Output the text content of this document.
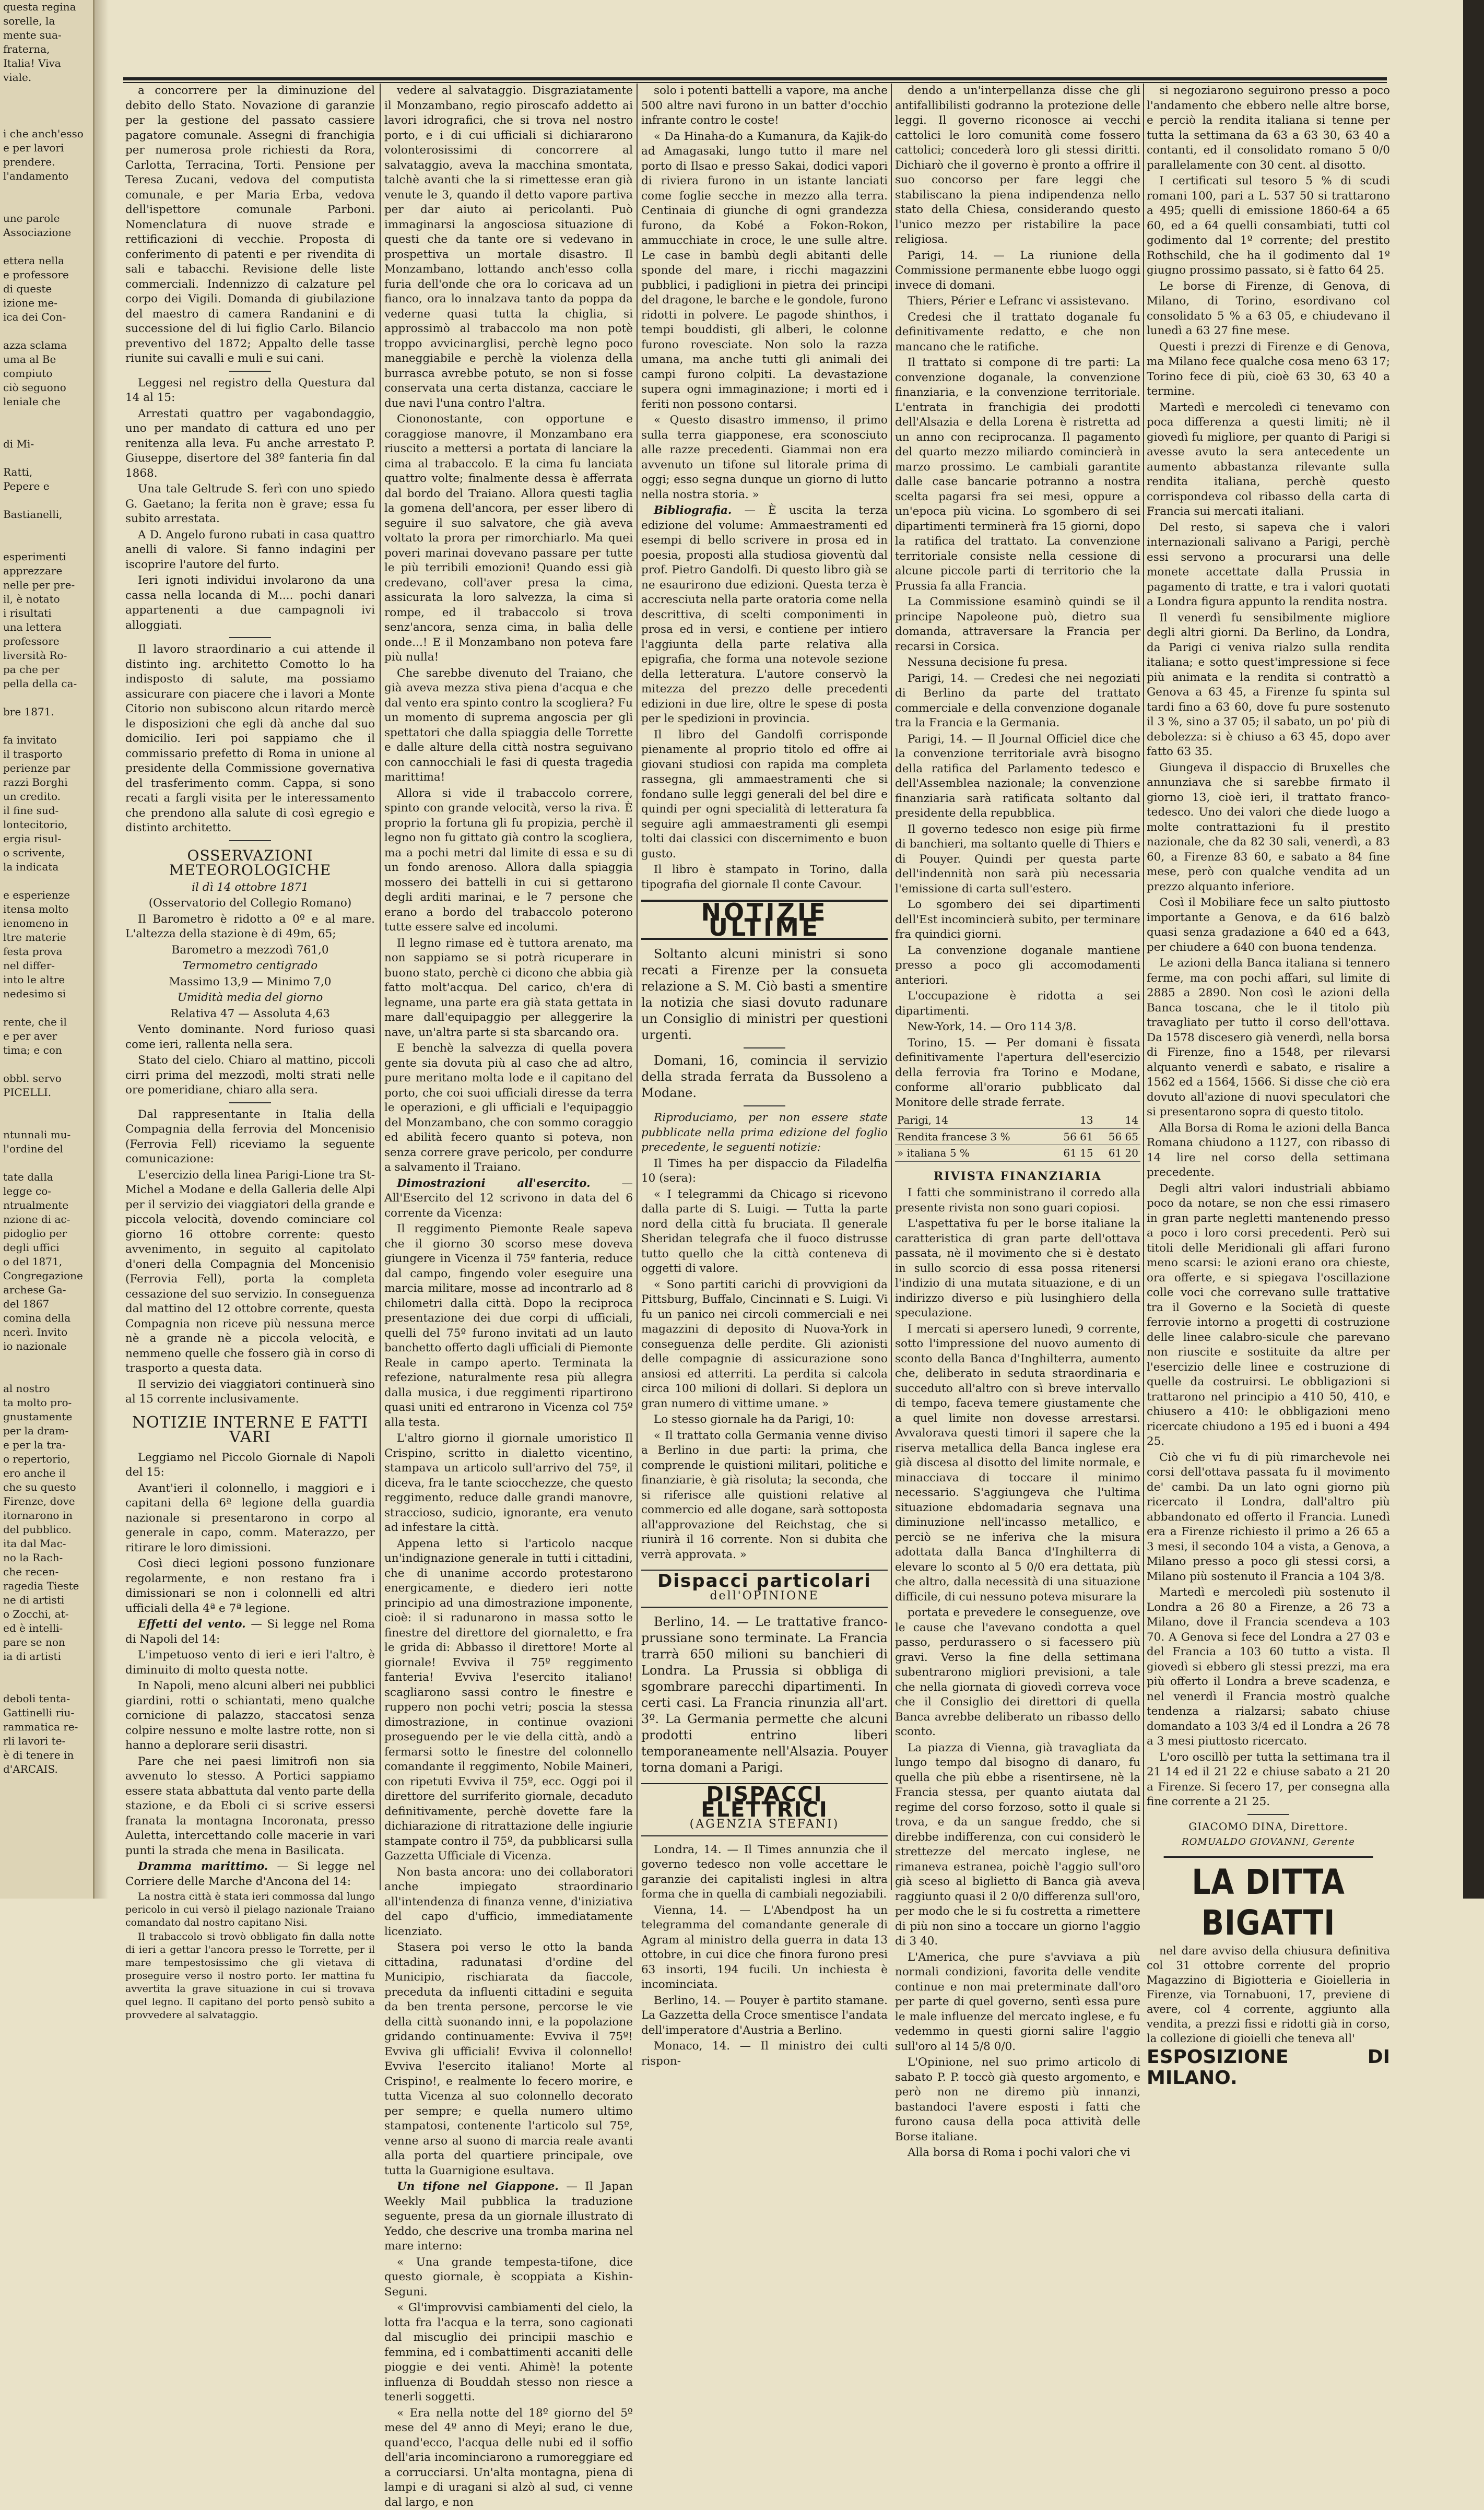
questa regina

sorelle, la

mente sua-

fraterna,

Italia! Viva

viale.

i che anch'esso

e per lavori

prendere.

l'andamento

une parole

Associazione

ettera nella

e professore

di queste

izione me-

ica dei Con-

azza sclama

uma al Be

compiuto

ciò seguono

leniale che

di Mi-

Ratti,

Pepere e

Bastianelli,

esperimenti

apprezzare

nelle per pre-

il, è notato

i risultati

una lettera

professore

liversità Ro-

pa che per

pella della ca-

bre 1871.

fa invitato

il trasporto

perienze par

razzi Borghi

un credito.

il fine sud-

lontecitorio,

ergia risul-

o scrivente,

la indicata

e esperienze

itensa molto

ienomeno in

ltre materie

festa prova

nel differ-

into le altre

nedesimo si

rente, che il

e per aver

tima; e con

obbl. servo

PICELLI.

ntunnali mu-

l'ordine del

tate dalla

legge co-

ntrualmente

nzione di ac-

pidoglio per

degli uffici

o del 1871,

Congregazione

archese Ga-

del 1867

comina della

ncerì. Invito

io nazionale

al nostro

ta molto pro-

gnustamente

per la dram-

e per la tra-

o repertorio,

ero anche il

che su questo

Firenze, dove

itornarono in

del pubblico.

ita dal Mac-

no la Rach-

che recen-

ragedia Tieste

ne di artisti

o Zocchi, at-

ed è intelli-

pare se non

ia di artisti

deboli tenta-

Gattinelli riu-

rammatica re-

rli lavori te-

è di tenere in

d'ARCAIS.

a concorrere per la diminuzione del debito dello Stato. Novazione di garanzie per la gestione del passato cassiere pagatore comunale. Assegni di franchigia per numerosa prole richiesti da Rora, Carlotta, Terracina, Torti. Pensione per Teresa Zucani, vedova del computista comunale, e per Maria Erba, vedova dell'ispettore comunale Parboni. Nomenclatura di nuove strade e rettificazioni di vecchie. Proposta di conferimento di patenti e per rivendita di sali e tabacchi. Revisione delle liste commerciali. Indennizzo di calzature pel corpo dei Vigili. Domanda di giubilazione del maestro di camera Randanini e di successione del di lui figlio Carlo. Bilancio preventivo del 1872; Appalto delle tasse riunite sui cavalli e muli e sui cani.

Leggesi nel registro della Questura dal 14 al 15:

Arrestati quattro per vagabondaggio, uno per mandato di cattura ed uno per renitenza alla leva. Fu anche arrestato P. Giuseppe, disertore del 38º fanteria fin dal 1868.

Una tale Geltrude S. ferì con uno spiedo G. Gaetano; la ferita non è grave; essa fu subito arrestata.

A D. Angelo furono rubati in casa quattro anelli di valore. Si fanno indagini per iscoprire l'autore del furto.

Ieri ignoti individui involarono da una cassa nella locanda di M.... pochi danari appartenenti a due campagnoli ivi alloggiati.

Il lavoro straordinario a cui attende il distinto ing. architetto Comotto lo ha indisposto di salute, ma possiamo assicurare con piacere che i lavori a Monte Citorio non subiscono alcun ritardo mercè le disposizioni che egli dà anche dal suo domicilio. Ieri poi sappiamo che il commissario prefetto di Roma in unione al presidente della Commissione governativa del trasferimento comm. Cappa, si sono recati a fargli visita per le interessamento che prendono alla salute di così egregio e distinto architetto.

OSSERVAZIONI METEOROLOGICHE

il dì 14 ottobre 1871

(Osservatorio del Collegio Romano)

Il Barometro è ridotto a 0º e al mare. L'altezza della stazione è di 49m, 65;

Barometro a mezzodì 761,0

Termometro centigrado

Massimo 13,9 — Minimo 7,0

Umidità media del giorno

Relativa 47 — Assoluta 4,63

Vento dominante. Nord furioso quasi come ieri, rallenta nella sera.

Stato del cielo. Chiaro al mattino, piccoli cirri prima del mezzodì, molti strati nelle ore pomeridiane, chiaro alla sera.

Dal rappresentante in Italia della Compagnia della ferrovia del Moncenisio (Ferrovia Fell) riceviamo la seguente comunicazione:

L'esercizio della linea Parigi-Lione tra St-Michel a Modane e della Galleria delle Alpi per il servizio dei viaggiatori della grande e piccola velocità, dovendo cominciare col giorno 16 ottobre corrente: questo avvenimento, in seguito al capitolato d'oneri della Compagnia del Moncenisio (Ferrovia Fell), porta la completa cessazione del suo servizio. In conseguenza dal mattino del 12 ottobre corrente, questa Compagnia non riceve più nessuna merce nè a grande nè a piccola velocità, e nemmeno quelle che fossero già in corso di trasporto a questa data.

Il servizio dei viaggiatori continuerà sino al 15 corrente inclusivamente.

NOTIZIE INTERNE E FATTI VARI

Leggiamo nel Piccolo Giornale di Napoli del 15:

Avant'ieri il colonnello, i maggiori e i capitani della 6ª legione della guardia nazionale si presentarono in corpo al generale in capo, comm. Materazzo, per ritirare le loro dimissioni.

Così dieci legioni possono funzionare regolarmente, e non restano fra i dimissionari se non i colonnelli ed altri ufficiali della 4ª e 7ª legione.

Effetti del vento. — Si legge nel Roma di Napoli del 14:

L'impetuoso vento di ieri e ieri l'altro, è diminuito di molto questa notte.

In Napoli, meno alcuni alberi nei pubblici giardini, rotti o schiantati, meno qualche cornicione di palazzo, staccatosi senza colpire nessuno e molte lastre rotte, non si hanno a deplorare serii disastri.

Pare che nei paesi limitrofi non sia avvenuto lo stesso. A Portici sappiamo essere stata abbattuta dal vento parte della stazione, e da Eboli ci si scrive essersi franata la montagna Incoronata, presso Auletta, intercettando colle macerie in vari punti la strada che mena in Basilicata.

Dramma marittimo. — Si legge nel Corriere delle Marche d'Ancona del 14:

La nostra città è stata ieri commossa dal lungo pericolo in cui versò il pielago nazionale Traiano comandato dal nostro capitano Nisi.

Il trabaccolo si trovò obbligato fin dalla notte di ieri a gettar l'ancora presso le Torrette, per il mare tempestosissimo che gli vietava di proseguire verso il nostro porto. Ier mattina fu avvertita la grave situazione in cui si trovava quel legno. Il capitano del porto pensò subito a provvedere al salvataggio.

vedere al salvataggio. Disgraziatamente il Monzambano, regio piroscafo addetto ai lavori idrografici, che si trova nel nostro porto, e i di cui ufficiali si dichiararono volonterosissimi di concorrere al salvataggio, aveva la macchina smontata, talchè avanti che la si rimettesse eran già venute le 3, quando il detto vapore partiva per dar aiuto ai pericolanti. Può immaginarsi la angosciosa situazione di questi che da tante ore si vedevano in prospettiva un mortale disastro. Il Monzambano, lottando anch'esso colla furia dell'onde che ora lo coricava ad un fianco, ora lo innalzava tanto da poppa da vederne quasi tutta la chiglia, si approssimò al trabaccolo ma non potè troppo avvicinarglisi, perchè legno poco maneggiabile e perchè la violenza della burrasca avrebbe potuto, se non si fosse conservata una certa distanza, cacciare le due navi l'una contro l'altra.

Ciononostante, con opportune e coraggiose manovre, il Monzambano era riuscito a mettersi a portata di lanciare la cima al trabaccolo. E la cima fu lanciata quattro volte; finalmente dessa è afferrata dal bordo del Traiano. Allora questi taglia la gomena dell'ancora, per esser libero di seguire il suo salvatore, che già aveva voltato la prora per rimorchiarlo. Ma quei poveri marinai dovevano passare per tutte le più terribili emozioni! Quando essi già credevano, coll'aver presa la cima, assicurata la loro salvezza, la cima si rompe, ed il trabaccolo si trova senz'ancora, senza cima, in balìa delle onde...! E il Monzambano non poteva fare più nulla!

Che sarebbe divenuto del Traiano, che già aveva mezza stiva piena d'acqua e che dal vento era spinto contro la scogliera? Fu un momento di suprema angoscia per gli spettatori che dalla spiaggia delle Torrette e dalle alture della città nostra seguivano con cannocchiali le fasi di questa tragedia marittima!

Allora si vide il trabaccolo correre, spinto con grande velocità, verso la riva. È proprio la fortuna gli fu propizia, perchè il legno non fu gittato già contro la scogliera, ma a pochi metri dal limite di essa e su di un fondo arenoso. Allora dalla spiaggia mossero dei battelli in cui si gettarono degli arditi marinai, e le 7 persone che erano a bordo del trabaccolo poterono tutte essere salve ed incolumi.

Il legno rimase ed è tuttora arenato, ma non sappiamo se si potrà ricuperare in buono stato, perchè ci dicono che abbia già fatto molt'acqua. Del carico, ch'era di legname, una parte era già stata gettata in mare dall'equipaggio per alleggerire la nave, un'altra parte si sta sbarcando ora.

E benchè la salvezza di quella povera gente sia dovuta più al caso che ad altro, pure meritano molta lode e il capitano del porto, che coi suoi ufficiali diresse da terra le operazioni, e gli ufficiali e l'equipaggio del Monzambano, che con sommo coraggio ed abilità fecero quanto si poteva, non senza correre grave pericolo, per condurre a salvamento il Traiano.

Dimostrazioni all'esercito. — All'Esercito del 12 scrivono in data del 6 corrente da Vicenza:

Il reggimento Piemonte Reale sapeva che il giorno 30 scorso mese doveva giungere in Vicenza il 75º fanteria, reduce dal campo, fingendo voler eseguire una marcia militare, mosse ad incontrarlo ad 8 chilometri dalla città. Dopo la reciproca presentazione dei due corpi di ufficiali, quelli del 75º furono invitati ad un lauto banchetto offerto dagli ufficiali di Piemonte Reale in campo aperto. Terminata la refezione, naturalmente resa più allegra dalla musica, i due reggimenti ripartirono quasi uniti ed entrarono in Vicenza col 75º alla testa.

L'altro giorno il giornale umoristico Il Crispino, scritto in dialetto vicentino, stampava un articolo sull'arrivo del 75º, il diceva, fra le tante sciocchezze, che questo reggimento, reduce dalle grandi manovre, straccioso, sudicio, ignorante, era venuto ad infestare la città.

Appena letto si l'articolo nacque un'indignazione generale in tutti i cittadini, che di unanime accordo protestarono energicamente, e diedero ieri notte principio ad una dimostrazione imponente, cioè: il si radunarono in massa sotto le finestre del direttore del giornaletto, e fra le grida di: Abbasso il direttore! Morte al giornale! Evviva il 75º reggimento fanteria! Evviva l'esercito italiano! scagliarono sassi contro le finestre e ruppero non pochi vetri; poscia la stessa dimostrazione, in continue ovazioni proseguendo per le vie della città, andò a fermarsi sotto le finestre del colonnello comandante il reggimento, Nobile Maineri, con ripetuti Evviva il 75º, ecc. Oggi poi il direttore del surriferito giornale, decaduto definitivamente, perchè dovette fare la dichiarazione di ritrattazione delle ingiurie stampate contro il 75º, da pubblicarsi sulla Gazzetta Ufficiale di Vicenza.

Non basta ancora: uno dei collaboratori anche impiegato straordinario all'intendenza di finanza venne, d'iniziativa del capo d'ufficio, immediatamente licenziato.

Stasera poi verso le otto la banda cittadina, radunatasi d'ordine del Municipio, rischiarata da fiaccole, preceduta da influenti cittadini e seguita da ben trenta persone, percorse le vie della città suonando inni, e la popolazione gridando continuamente: Evviva il 75º! Evviva gli ufficiali! Evviva il colonnello! Evviva l'esercito italiano! Morte al Crispino!, e realmente lo fecero morire, e tutta Vicenza al suo colonnello decorato per sempre; e quella numero ultimo stampatosi, contenente l'articolo sul 75º, venne arso al suono di marcia reale avanti alla porta del quartiere principale, ove tutta la Guarnigione esultava.

Un tifone nel Giappone. — Il Japan Weekly Mail pubblica la traduzione seguente, presa da un giornale illustrato di Yeddo, che descrive una tromba marina nel mare interno:

« Una grande tempesta-tifone, dice questo giornale, è scoppiata a Kishin-Seguni.

« Gl'improvvisi cambiamenti del cielo, la lotta fra l'acqua e la terra, sono cagionati dal miscuglio dei principii maschio e femmina, ed i combattimenti accaniti delle pioggie e dei venti. Ahimè! la potente influenza di Bouddah stesso non riesce a tenerli soggetti.

« Era nella notte del 18º giorno del 5º mese del 4º anno di Meyi; erano le due, quand'ecco, l'acqua delle nubi ed il soffio dell'aria incominciarono a rumoreggiare ed a corrucciarsi. Un'alta montagna, piena di lampi e di uragani si alzò al sud, ci venne dal largo, e non

solo i potenti battelli a vapore, ma anche 500 altre navi furono in un batter d'occhio infrante contro le coste!

« Da Hinaha-do a Kumanura, da Kajik-do ad Amagasaki, lungo tutto il mare nel porto di Ilsao e presso Sakai, dodici vapori di riviera furono in un istante lanciati come foglie secche in mezzo alla terra. Centinaia di giunche di ogni grandezza furono, da Kobé a Fokon-Rokon, ammucchiate in croce, le une sulle altre. Le case in bambù degli abitanti delle sponde del mare, i ricchi magazzini pubblici, i padiglioni in pietra dei principi del dragone, le barche e le gondole, furono ridotti in polvere. Le pagode shinthos, i tempi bouddisti, gli alberi, le colonne furono rovesciate. Non solo la razza umana, ma anche tutti gli animali dei campi furono colpiti. La devastazione supera ogni immaginazione; i morti ed i feriti non possono contarsi.

« Questo disastro immenso, il primo sulla terra giapponese, era sconosciuto alle razze precedenti. Giammai non era avvenuto un tifone sul litorale prima di oggi; esso segna dunque un giorno di lutto nella nostra storia. »

Bibliografia. — È uscita la terza edizione del volume: Ammaestramenti ed esempi di bello scrivere in prosa ed in poesia, proposti alla studiosa gioventù dal prof. Pietro Gandolfi. Di questo libro già se ne esaurirono due edizioni. Questa terza è accresciuta nella parte oratoria come nella descrittiva, di scelti componimenti in prosa ed in versi, e contiene per intiero l'aggiunta della parte relativa alla epigrafia, che forma una notevole sezione della letteratura. L'autore conservò la mitezza del prezzo delle precedenti edizioni in due lire, oltre le spese di posta per le spedizioni in provincia.

Il libro del Gandolfi corrisponde pienamente al proprio titolo ed offre ai giovani studiosi con rapida ma completa rassegna, gli ammaestramenti che si fondano sulle leggi generali del bel dire e quindi per ogni specialità di letteratura fa seguire agli ammaestramenti gli esempi tolti dai classici con discernimento e buon gusto.

Il libro è stampato in Torino, dalla tipografia del giornale Il conte Cavour.

NOTIZIE ULTIME

Soltanto alcuni ministri si sono recati a Firenze per la consueta relazione a S. M. Ciò basti a smentire la notizia che siasi dovuto radunare un Consiglio di ministri per questioni urgenti.

Domani, 16, comincia il servizio della strada ferrata da Bussoleno a Modane.

Riproduciamo, per non essere state pubblicate nella prima edizione del foglio precedente, le seguenti notizie:

Il Times ha per dispaccio da Filadelfia 10 (sera):

« I telegrammi da Chicago si ricevono dalla parte di S. Luigi. — Tutta la parte nord della città fu bruciata. Il generale Sheridan telegrafa che il fuoco distrusse tutto quello che la città conteneva di oggetti di valore.

« Sono partiti carichi di provvigioni da Pittsburg, Buffalo, Cincinnati e S. Luigi. Vi fu un panico nei circoli commerciali e nei magazzini di deposito di Nuova-York in conseguenza delle perdite. Gli azionisti delle compagnie di assicurazione sono ansiosi ed atterriti. La perdita si calcola circa 100 milioni di dollari. Si deplora un gran numero di vittime umane. »

Lo stesso giornale ha da Parigi, 10:

« Il trattato colla Germania venne diviso a Berlino in due parti: la prima, che comprende le quistioni militari, politiche e finanziarie, è già risoluta; la seconda, che si riferisce alle quistioni relative al commercio ed alle dogane, sarà sottoposta all'approvazione del Reichstag, che si riunirà il 16 corrente. Non si dubita che verrà approvata. »

Dispacci particolari
dell'OPINIONE

Berlino, 14. — Le trattative franco-prussiane sono terminate. La Francia trarrà 650 milioni su banchieri di Londra. La Prussia si obbliga di sgombrare parecchi dipartimenti. In certi casi. La Francia rinunzia all'art. 3º. La Germania permette che alcuni prodotti entrino liberi temporaneamente nell'Alsazia. Pouyer torna domani a Parigi.

DISPACCI ELETTRICI
(AGENZIA STEFANI)

Londra, 14. — Il Times annunzia che il governo tedesco non volle accettare le garanzie dei capitalisti inglesi in altra forma che in quella di cambiali negoziabili.

Vienna, 14. — L'Abendpost ha un telegramma del comandante generale di Agram al ministro della guerra in data 13 ottobre, in cui dice che finora furono presi 63 insorti, 194 fucili. Un inchiesta è incominciata.

Berlino, 14. — Pouyer è partito stamane. La Gazzetta della Croce smentisce l'andata dell'imperatore d'Austria a Berlino.

Monaco, 14. — Il ministro dei culti rispon-

dendo a un'interpellanza disse che gli antifallibilisti godranno la protezione delle leggi. Il governo riconosce ai vecchi cattolici le loro comunità come fossero cattolici; concederà loro gli stessi diritti. Dichiarò che il governo è pronto a offrire il suo concorso per fare leggi che stabiliscano la piena indipendenza nello stato della Chiesa, considerando questo l'unico mezzo per ristabilire la pace religiosa.

Parigi, 14. — La riunione della Commissione permanente ebbe luogo oggi invece di domani.

Thiers, Périer e Lefranc vi assistevano.

Credesi che il trattato doganale fu definitivamente redatto, e che non mancano che le ratifiche.

Il trattato si compone di tre parti: La convenzione doganale, la convenzione finanziaria, e la convenzione territoriale. L'entrata in franchigia dei prodotti dell'Alsazia e della Lorena è ristretta ad un anno con reciprocanza. Il pagamento del quarto mezzo miliardo comincierà in marzo prossimo. Le cambiali garantite dalle case bancarie potranno a nostra scelta pagarsi fra sei mesi, oppure a un'epoca più vicina. Lo sgombero di sei dipartimenti terminerà fra 15 giorni, dopo la ratifica del trattato. La convenzione territoriale consiste nella cessione di alcune piccole parti di territorio che la Prussia fa alla Francia.

La Commissione esaminò quindi se il principe Napoleone può, dietro sua domanda, attraversare la Francia per recarsi in Corsica.

Nessuna decisione fu presa.

Parigi, 14. — Credesi che nei negoziati di Berlino da parte del trattato commerciale e della convenzione doganale tra la Francia e la Germania.

Parigi, 14. — Il Journal Officiel dice che la convenzione territoriale avrà bisogno della ratifica del Parlamento tedesco e dell'Assemblea nazionale; la convenzione finanziaria sarà ratificata soltanto dal presidente della repubblica.

Il governo tedesco non esige più firme di banchieri, ma soltanto quelle di Thiers e di Pouyer. Quindi per questa parte dell'indennità non sarà più necessaria l'emissione di carta sull'estero.

Lo sgombero dei sei dipartimenti dell'Est incomincierà subito, per terminare fra quindici giorni.

La convenzione doganale mantiene presso a poco gli accomodamenti anteriori.

L'occupazione è ridotta a sei dipartimenti.

New-York, 14. — Oro 114 3/8.

Torino, 15. — Per domani è fissata definitivamente l'apertura dell'esercizio della ferrovia fra Torino e Modane, conforme all'orario pubblicato dal Monitore delle strade ferrate.

Parigi, 14	13	14
Rendita francese 3 %	56 61	56 65
» italiana 5 %	61 15	61 20
RIVISTA FINANZIARIA

I fatti che somministrano il corredo alla presente rivista non sono guari copiosi.

L'aspettativa fu per le borse italiane la caratteristica di gran parte dell'ottava passata, nè il movimento che si è destato in sullo scorcio di essa possa ritenersi l'indizio di una mutata situazione, e di un indirizzo diverso e più lusinghiero della speculazione.

I mercati si apersero lunedì, 9 corrente, sotto l'impressione del nuovo aumento di sconto della Banca d'Inghilterra, aumento che, deliberato in seduta straordinaria e succeduto all'altro con sì breve intervallo di tempo, faceva temere giustamente che a quel limite non dovesse arrestarsi. Avvalorava questi timori il sapere che la riserva metallica della Banca inglese era già discesa al disotto del limite normale, e minacciava di toccare il minimo necessario. S'aggiungeva che l'ultima situazione ebdomadaria segnava una diminuzione nell'incasso metallico, e perciò se ne inferiva che la misura adottata dalla Banca d'Inghilterra di elevare lo sconto al 5 0/0 era dettata, più che altro, dalla necessità di una situazione difficile, di cui nessuno poteva misurare la

portata e prevedere le conseguenze, ove le cause che l'avevano condotta a quel passo, perdurassero o si facessero più gravi. Verso la fine della settimana subentrarono migliori previsioni, a tale che nella giornata di giovedì correva voce che il Consiglio dei direttori di quella Banca avrebbe deliberato un ribasso dello sconto.

La piazza di Vienna, già travagliata da lungo tempo dal bisogno di danaro, fu quella che più ebbe a risentirsene, nè la Francia stessa, per quanto aiutata dal regime del corso forzoso, sotto il quale si trova, e da un sangue freddo, che si direbbe indifferenza, con cui considerò le strettezze del mercato inglese, ne rimaneva estranea, poichè l'aggio sull'oro già sceso al biglietto di Banca già aveva raggiunto quasi il 2 0/0 differenza sull'oro, per modo che le si fu costretta a rimettere di più non sino a toccare un giorno l'aggio di 3 40.

L'America, che pure s'avviava a più normali condizioni, favorita delle vendite continue e non mai preterminate dall'oro per parte di quel governo, sentì essa pure le male influenze del mercato inglese, e fu vedemmo in questi giorni salire l'aggio sull'oro al 14 5/8 0/0.

L'Opinione, nel suo primo articolo di sabato P. P. toccò già questo argomento, e però non ne diremo più innanzi, bastandoci l'avere esposti i fatti che furono causa della poca attività delle Borse italiane.

Alla borsa di Roma i pochi valori che vi

si negoziarono seguirono presso a poco l'andamento che ebbero nelle altre borse, e perciò la rendita italiana si tenne per tutta la settimana da 63 a 63 30, 63 40 a contanti, ed il consolidato romano 5 0/0 parallelamente con 30 cent. al disotto.

I certificati sul tesoro 5 % di scudi romani 100, pari a L. 537 50 si trattarono a 495; quelli di emissione 1860-64 a 65 60, ed a 64 quelli consambiati, tutti col godimento dal 1º corrente; del prestito Rothschild, che ha il godimento dal 1º giugno prossimo passato, si è fatto 64 25.

Le borse di Firenze, di Genova, di Milano, di Torino, esordivano col consolidato 5 % a 63 05, e chiudevano il lunedì a 63 27 fine mese.

Questi i prezzi di Firenze e di Genova, ma Milano fece qualche cosa meno 63 17; Torino fece di più, cioè 63 30, 63 40 a termine.

Martedì e mercoledì ci tenevamo con poca differenza a questi limiti; nè il giovedì fu migliore, per quanto di Parigi si avesse avuto la sera antecedente un aumento abbastanza rilevante sulla rendita italiana, perchè questo corrispondeva col ribasso della carta di Francia sui mercati italiani.

Del resto, si sapeva che i valori internazionali salivano a Parigi, perchè essi servono a procurarsi una delle monete accettate dalla Prussia in pagamento di tratte, e tra i valori quotati a Londra figura appunto la rendita nostra.

Il venerdì fu sensibilmente migliore degli altri giorni. Da Berlino, da Londra, da Parigi ci veniva rialzo sulla rendita italiana; e sotto quest'impressione si fece più animata e la rendita si contrattò a Genova a 63 45, a Firenze fu spinta sul tardi fino a 63 60, dove fu pure sostenuto il 3 %, sino a 37 05; il sabato, un po' più di debolezza: si è chiuso a 63 45, dopo aver fatto 63 35.

Giungeva il dispaccio di Bruxelles che annunziava che si sarebbe firmato il giorno 13, cioè ieri, il trattato franco-tedesco. Uno dei valori che diede luogo a molte contrattazioni fu il prestito nazionale, che da 82 30 sali, venerdì, a 83 60, a Firenze 83 60, e sabato a 84 fine mese, però con qualche vendita ad un prezzo alquanto inferiore.

Così il Mobiliare fece un salto piuttosto importante a Genova, e da 616 balzò quasi senza gradazione a 640 ed a 643, per chiudere a 640 con buona tendenza.

Le azioni della Banca italiana si tennero ferme, ma con pochi affari, sul limite di 2885 a 2890. Non così le azioni della Banca toscana, che le il titolo più travagliato per tutto il corso dell'ottava. Da 1578 discesero già venerdì, nella borsa di Firenze, fino a 1548, per rilevarsi alquanto venerdì e sabato, e risalire a 1562 ed a 1564, 1566. Si disse che ciò era dovuto all'azione di nuovi speculatori che si presentarono sopra di questo titolo.

Alla Borsa di Roma le azioni della Banca Romana chiudono a 1127, con ribasso di 14 lire nel corso della settimana precedente.

Degli altri valori industriali abbiamo poco da notare, se non che essi rimasero in gran parte negletti mantenendo presso a poco i loro corsi precedenti. Però sui titoli delle Meridionali gli affari furono meno scarsi: le azioni erano ora chieste, ora offerte, e si spiegava l'oscillazione colle voci che correvano sulle trattative tra il Governo e la Società di queste ferrovie intorno a progetti di costruzione delle linee calabro-sicule che parevano non riuscite e sostituite da altre per l'esercizio delle linee e costruzione di quelle da costruirsi. Le obbligazioni si trattarono nel principio a 410 50, 410, e chiusero a 410: le obbligazioni meno ricercate chiudono a 195 ed i buoni a 494 25.

Ciò che vi fu di più rimarchevole nei corsi dell'ottava passata fu il movimento de' cambi. Da un lato ogni giorno più ricercato il Londra, dall'altro più abbandonato ed offerto il Francia. Lunedì era a Firenze richiesto il primo a 26 65 a 3 mesi, il secondo 104 a vista, a Genova, a Milano presso a poco gli stessi corsi, a Milano più sostenuto il Francia a 104 3/8.

Martedì e mercoledì più sostenuto il Londra a 26 80 a Firenze, a 26 73 a Milano, dove il Francia scendeva a 103 70. A Genova si fece del Londra a 27 03 e del Francia a 103 60 tutto a vista. Il giovedì si ebbero gli stessi prezzi, ma era più offerto il Londra a breve scadenza, e nel venerdì il Francia mostrò qualche tendenza a rialzarsi; sabato chiuse domandato a 103 3/4 ed il Londra a 26 78 a 3 mesi piuttosto ricercato.

L'oro oscillò per tutta la settimana tra il 21 14 ed il 21 22 e chiuse sabato a 21 20 a Firenze. Si fecero 17, per consegna alla fine corrente a 21 25.

GIACOMO DINA, Direttore.

ROMUALDO GIOVANNI, Gerente

LA DITTA BIGATTI

nel dare avviso della chiusura definitiva col 31 ottobre corrente del proprio Magazzino di Bigiotteria e Gioielleria in Firenze, via Tornabuoni, 17, previene di avere, col 4 corrente, aggiunto alla vendita, a prezzi fissi e ridotti già in corso, la collezione di gioielli che teneva all'

ESPOSIZIONE DI MILANO.
